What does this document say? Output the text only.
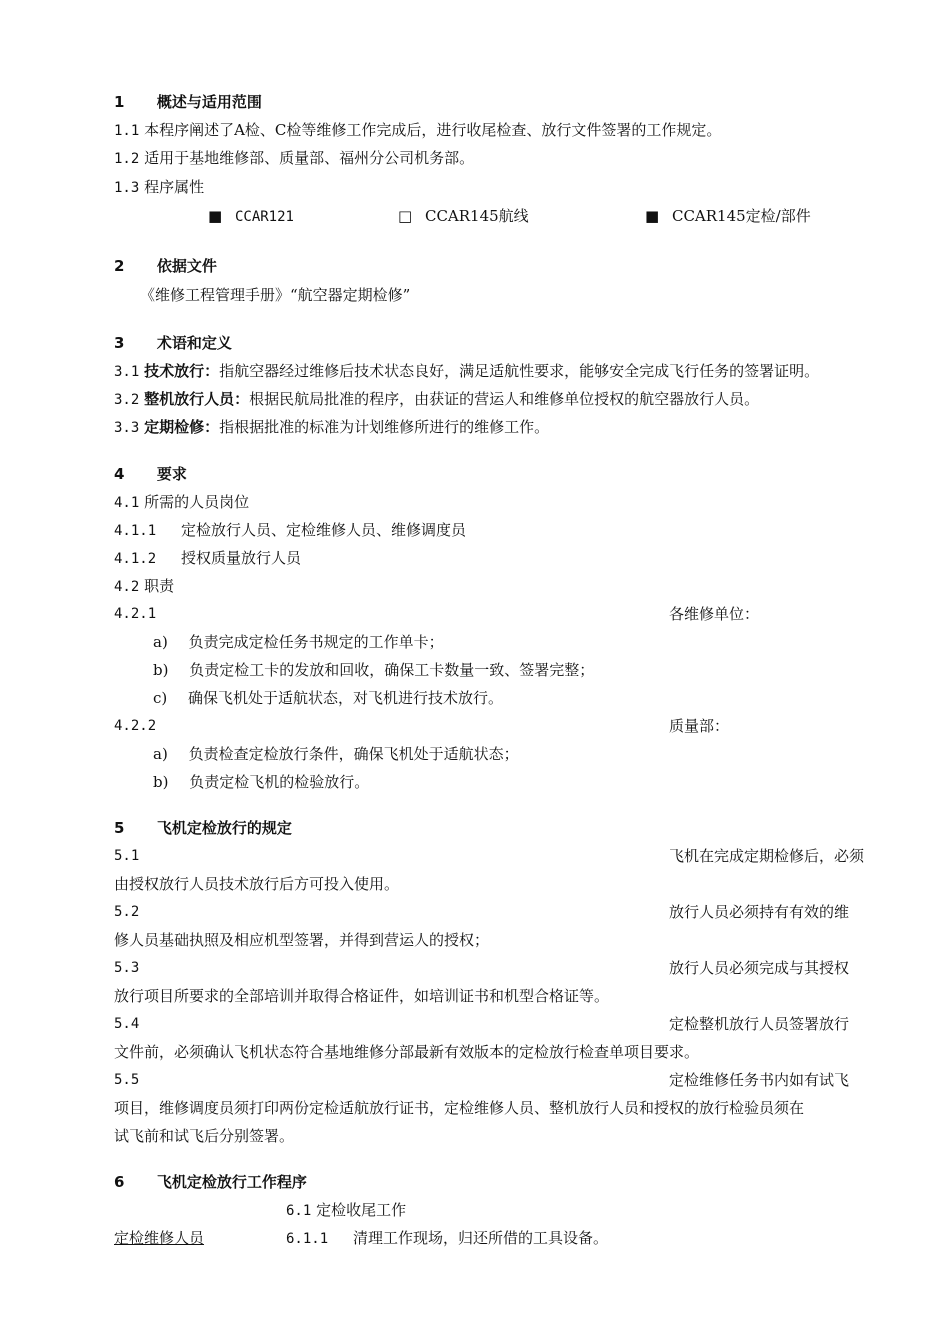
1 概述与适用范围
1.1 本程序阐述了A检、C检等维修工作完成后，进行收尾检查、放行文件签署的工作规定。
1.2 适用于基地维修部、质量部、福州分公司机务部。
1.3 程序属性
■ CCAR121	□ CCAR145航线	■ CCAR145定检/部件
2 依据文件
《维修工程管理手册》“航空器定期检修”
3 术语和定义
3.1 技术放行：指航空器经过维修后技术状态良好，满足适航性要求，能够安全完成飞行任务的签署证明。
3.2 整机放行人员：根据民航局批准的程序，由获证的营运人和维修单位授权的航空器放行人员。
3.3 定期检修：指根据批准的标准为计划维修所进行的维修工作。
4 要求
4.1 所需的人员岗位
4.1.1 定检放行人员、定检维修人员、维修调度员
4.1.2 授权质量放行人员
4.2 职责
4.2.1	各维修单位：
a) 负责完成定检任务书规定的工作单卡；
b) 负责定检工卡的发放和回收，确保工卡数量一致、签署完整；
c) 确保飞机处于适航状态，对飞机进行技术放行。
4.2.2	质量部：
a) 负责检查定检放行条件，确保飞机处于适航状态；
b) 负责定检飞机的检验放行。
5 飞机定检放行的规定
5.1	飞机在完成定期检修后，必须
由授权放行人员技术放行后方可投入使用。
5.2	放行人员必须持有有效的维
修人员基础执照及相应机型签署，并得到营运人的授权；
5.3	放行人员必须完成与其授权
放行项目所要求的全部培训并取得合格证件，如培训证书和机型合格证等。
5.4	定检整机放行人员签署放行
文件前，必须确认飞机状态符合基地维修分部最新有效版本的定检放行检查单项目要求。
5.5	定检维修任务书内如有试飞
项目，维修调度员须打印两份定检适航放行证书，定检维修人员、整机放行人员和授权的放行检验员须在
试飞前和试飞后分别签署。
6 飞机定检放行工作程序
6.1 定检收尾工作
定检维修人员	6.1.1 清理工作现场，归还所借的工具设备。
